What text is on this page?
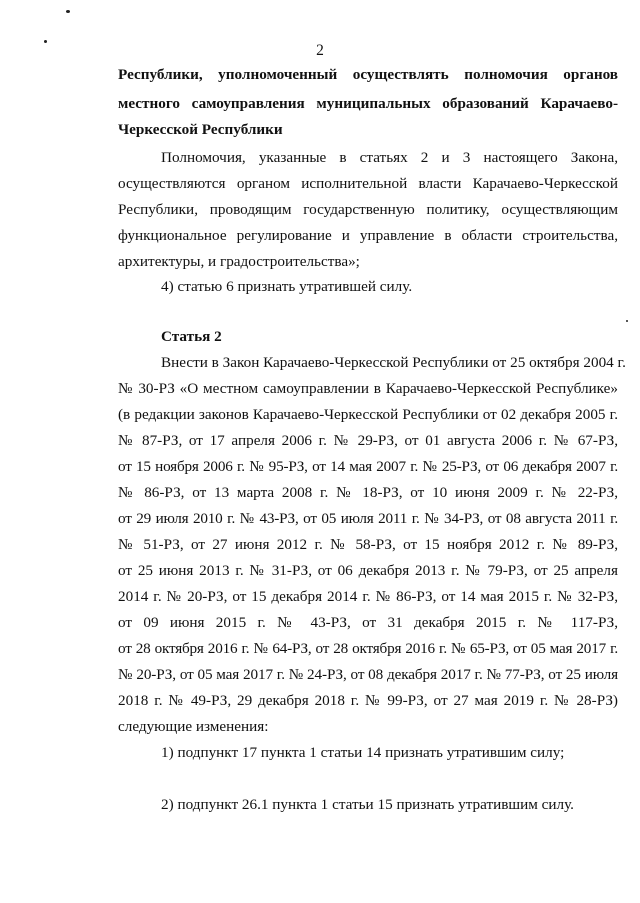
2
Республики, уполномоченный осуществлять полномочия органов
местного самоуправления муниципальных образований Карачаево-
Черкесской Республики
Полномочия, указанные в статьях 2 и 3 настоящего Закона,
осуществляются органом исполнительной власти Карачаево-Черкесской
Республики, проводящим государственную политику, осуществляющим
функциональное регулирование и управление в области строительства,
архитектуры, и градостроительства»;
4) статью 6 признать утратившей силу.
Статья 2
Внести в Закон Карачаево-Черкесской Республики от 25 октября 2004 г.
№ 30-РЗ «О местном самоуправлении в Карачаево-Черкесской Республике»
(в редакции законов Карачаево-Черкесской Республики от 02 декабря 2005 г.
№ 87-РЗ, от 17 апреля 2006 г. № 29-РЗ, от 01 августа 2006 г. № 67-РЗ,
от 15 ноября 2006 г. № 95-РЗ, от 14 мая 2007 г. № 25-РЗ, от 06 декабря 2007 г.
№ 86-РЗ, от 13 марта 2008 г. № 18-РЗ, от 10 июня 2009 г. № 22-РЗ,
от 29 июля 2010 г. № 43-РЗ, от 05 июля 2011 г. № 34-РЗ, от 08 августа 2011 г.
№ 51-РЗ, от 27 июня 2012 г. № 58-РЗ, от 15 ноября 2012 г. № 89-РЗ,
от 25 июня 2013 г. № 31-РЗ, от 06 декабря 2013 г. № 79-РЗ, от 25 апреля
2014 г. № 20-РЗ, от 15 декабря 2014 г. № 86-РЗ, от 14 мая 2015 г. № 32-РЗ,
от 09 июня 2015 г. № 43-РЗ, от 31 декабря 2015 г. № 117-РЗ,
от 28 октября 2016 г. № 64-РЗ, от 28 октября 2016 г. № 65-РЗ, от 05 мая 2017 г.
№ 20-РЗ, от 05 мая 2017 г. № 24-РЗ, от 08 декабря 2017 г. № 77-РЗ, от 25 июля
2018 г. № 49-РЗ, 29 декабря 2018 г. № 99-РЗ, от 27 мая 2019 г. № 28-РЗ)
следующие изменения:
1) подпункт 17 пункта 1 статьи 14 признать утратившим силу;
2) подпункт 26.1 пункта 1 статьи 15 признать утратившим силу.
